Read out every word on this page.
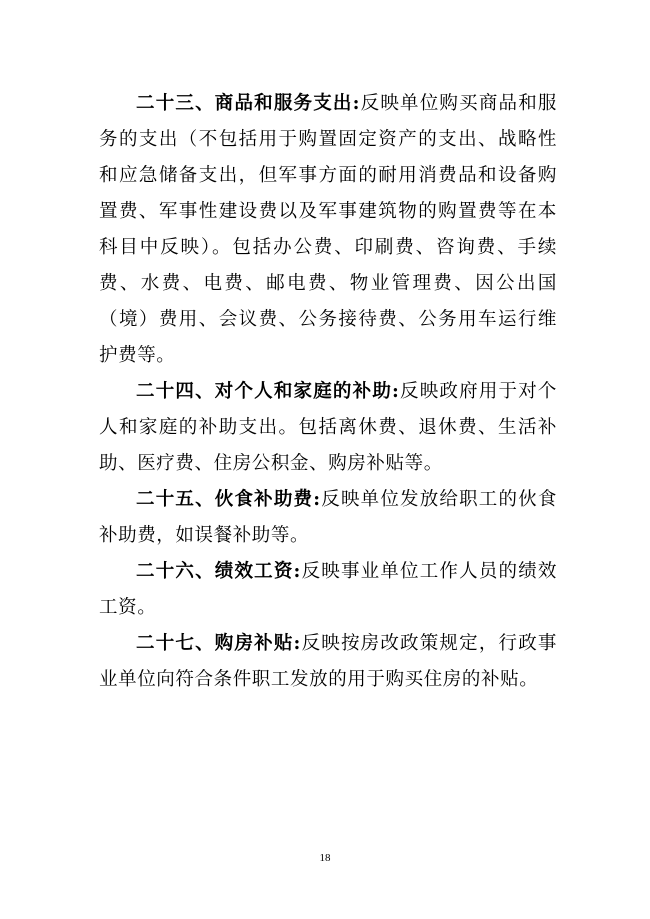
二十三、商品和服务支出:反映单位购买商品和服务的支出（不包括用于购置固定资产的支出、战略性和应急储备支出，但军事方面的耐用消费品和设备购置费、军事性建设费以及军事建筑物的购置费等在本科目中反映）。包括办公费、印刷费、咨询费、手续费、水费、电费、邮电费、物业管理费、因公出国（境）费用、会议费、公务接待费、公务用车运行维护费等。

二十四、对个人和家庭的补助:反映政府用于对个人和家庭的补助支出。包括离休费、退休费、生活补助、医疗费、住房公积金、购房补贴等。

二十五、伙食补助费:反映单位发放给职工的伙食补助费，如误餐补助等。

二十六、绩效工资:反映事业单位工作人员的绩效工资。

二十七、购房补贴:反映按房改政策规定，行政事业单位向符合条件职工发放的用于购买住房的补贴。

18
